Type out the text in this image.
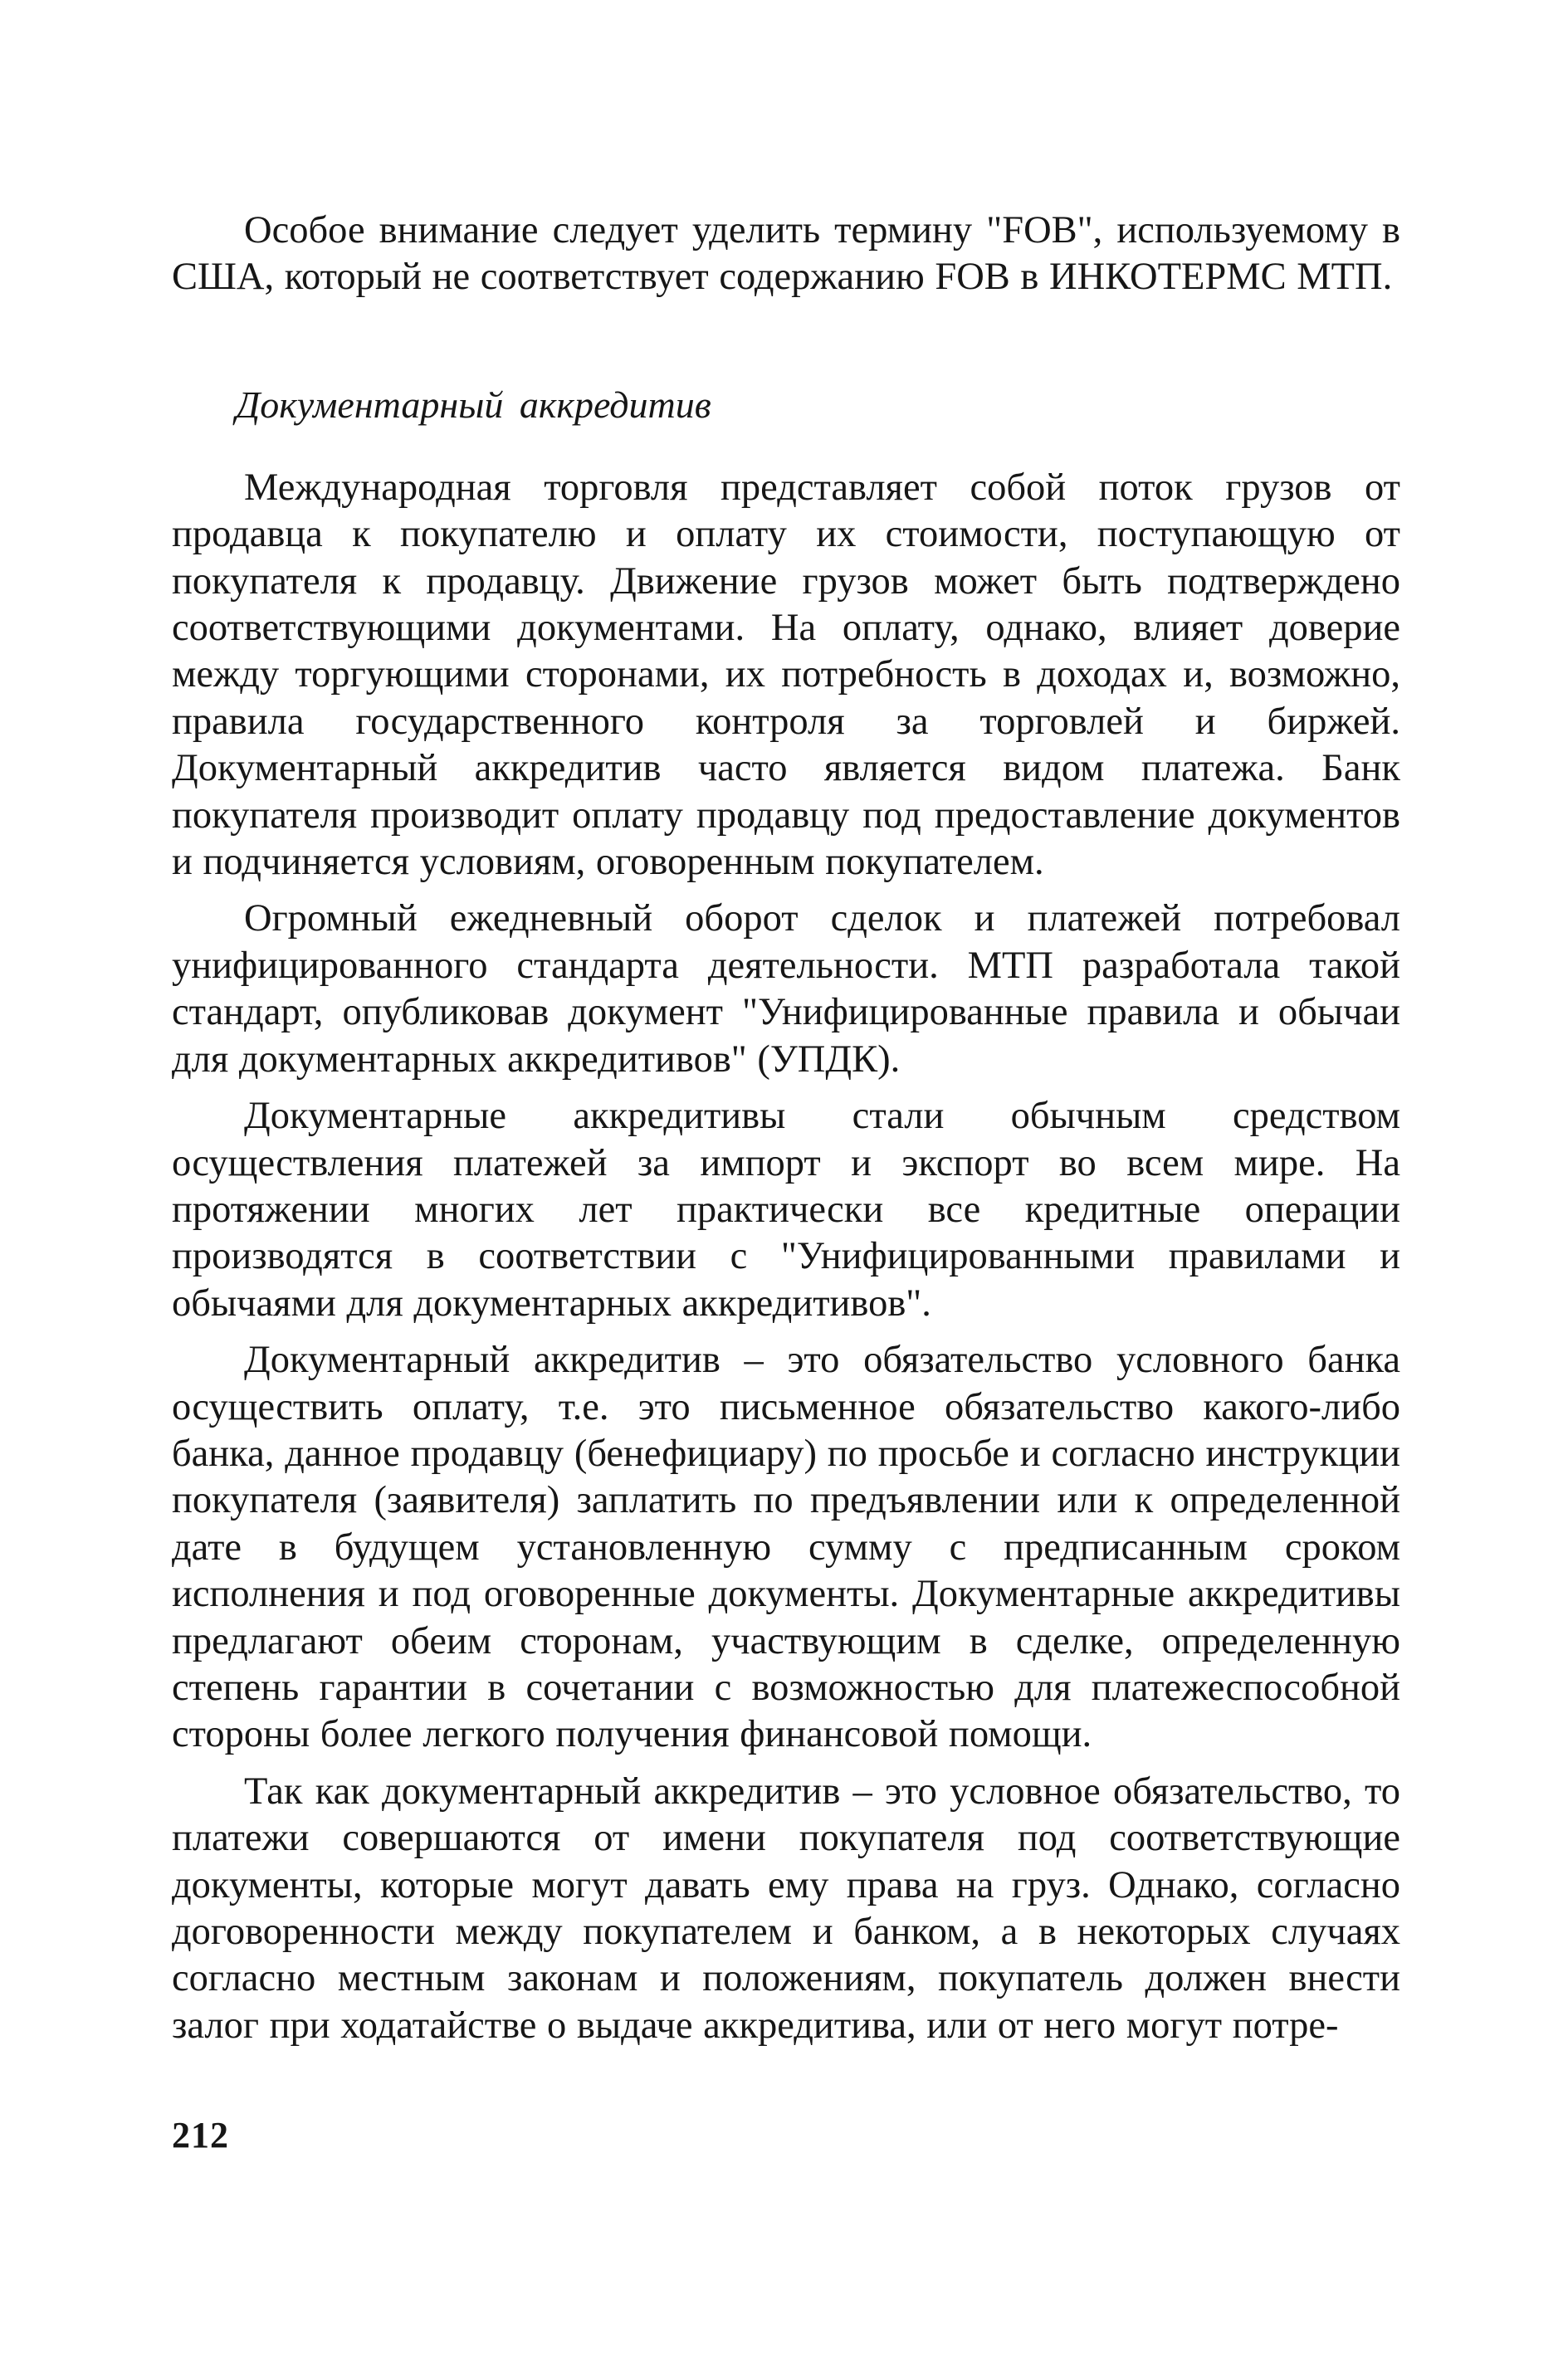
Особое внимание следует уделить термину "FOB", используемому в США, который не соответствует содержанию FOB в ИНКОТЕРМС МТП.

Документарный аккредитив

Международная торговля представляет собой поток грузов от продавца к покупателю и оплату их стоимости, поступающую от покупателя к продавцу. Движение грузов может быть подтверждено соответствующими документами. На оплату, однако, влияет доверие между торгующими сторонами, их потребность в доходах и, возможно, правила государственного контроля за торговлей и биржей. Документарный аккредитив часто является видом платежа. Банк покупателя производит оплату продавцу под предоставление документов и подчиняется условиям, оговоренным покупателем.

Огромный ежедневный оборот сделок и платежей потребовал унифицированного стандарта деятельности. МТП разработала такой стандарт, опубликовав документ "Унифицированные правила и обычаи для документарных аккредитивов" (УПДК).

Документарные аккредитивы стали обычным средством осуществления платежей за импорт и экспорт во всем мире. На протяжении многих лет практически все кредитные операции производятся в соответствии с "Унифицированными правилами и обычаями для документарных аккредитивов".

Документарный аккредитив – это обязательство условного банка осуществить оплату, т.е. это письменное обязательство какого-либо банка, данное продавцу (бенефициару) по просьбе и согласно инструкции покупателя (заявителя) заплатить по предъявлении или к определенной дате в будущем установленную сумму с предписанным сроком исполнения и под оговоренные документы. Документарные аккредитивы предлагают обеим сторонам, участвующим в сделке, определенную степень гарантии в сочетании с возможностью для платежеспособной стороны более легкого получения финансовой помощи.

Так как документарный аккредитив – это условное обязательство, то платежи совершаются от имени покупателя под соответствующие документы, которые могут давать ему права на груз. Однако, согласно договоренности между покупателем и банком, а в некоторых случаях согласно местным законам и положениям, покупатель должен внести залог при ходатайстве о выдаче аккредитива, или от него могут потре-

212
